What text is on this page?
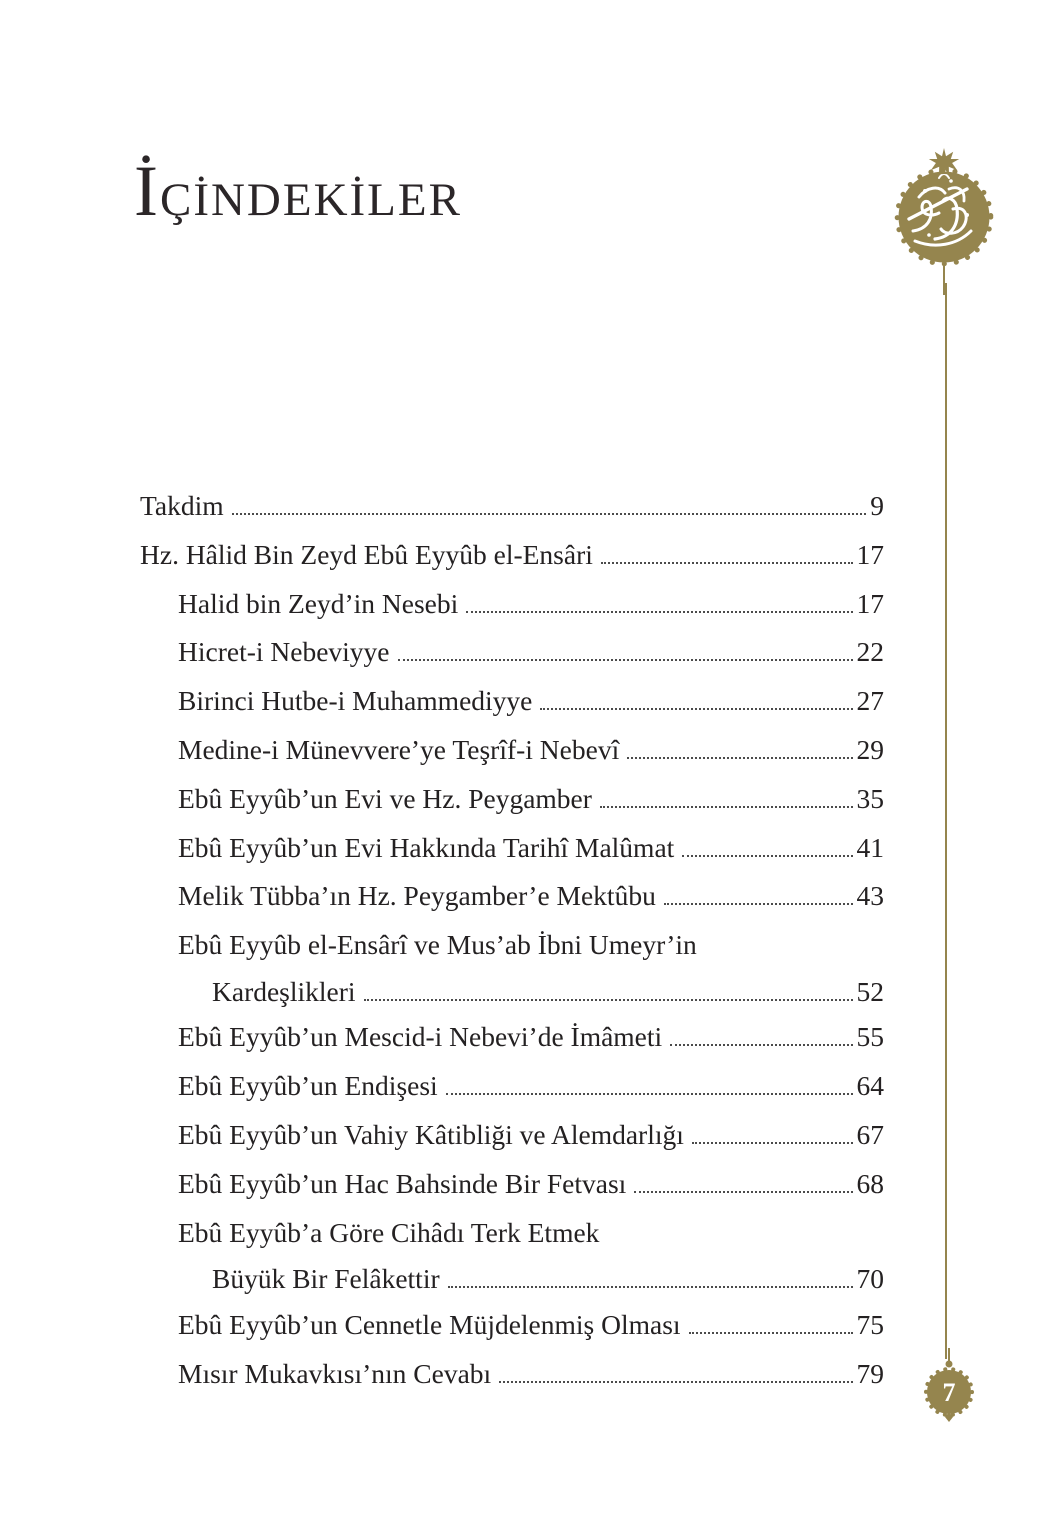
İÇİNDEKİLER
7
Takdim	9
Hz. Hâlid Bin Zeyd Ebû Eyyûb el-Ensâri	17
Halid bin Zeyd’in Nesebi	17
Hicret-i Nebeviyye	22
Birinci Hutbe-i Muhammediyye	27
Medine-i Münevvere’ye Teşrîf-i Nebevî	29
Ebû Eyyûb’un Evi ve Hz. Peygamber	35
Ebû Eyyûb’un Evi Hakkında Tarihî Malûmat	41
Melik Tübba’ın Hz. Peygamber’e Mektûbu	43
Ebû Eyyûb el-Ensârî ve Mus’ab İbni Umeyr’in
Kardeşlikleri	52
Ebû Eyyûb’un Mescid-i Nebevi’de İmâmeti	55
Ebû Eyyûb’un Endişesi	64
Ebû Eyyûb’un Vahiy Kâtibliği ve Alemdarlığı	67
Ebû Eyyûb’un Hac Bahsinde Bir Fetvası	68
Ebû Eyyûb’a Göre Cihâdı Terk Etmek
Büyük Bir Felâkettir	70
Ebû Eyyûb’un Cennetle Müjdelenmiş Olması	75
Mısır Mukavkısı’nın Cevabı	79
